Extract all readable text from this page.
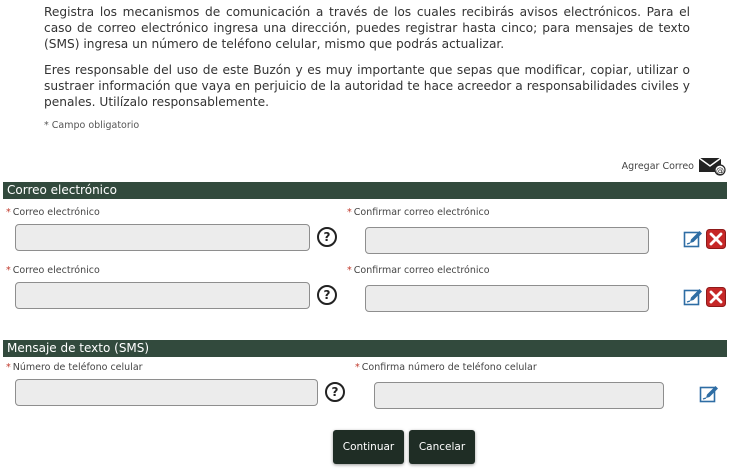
Registra los mecanismos de comunicación a través de los cuales recibirás avisos electrónicos. Para el caso de correo electrónico ingresa una dirección, puedes registrar hasta cinco; para mensajes de texto (SMS) ingresa un número de teléfono celular, mismo que podrás actualizar.

Eres responsable del uso de este Buzón y es muy importante que sepas que modificar, copiar, utilizar o sustraer información que vaya en perjuicio de la autoridad te hace acreedor a responsabilidades civiles y penales. Utilízalo responsablemente.

* Campo obligatorio
Agregar Correo	@
Correo electrónico
* Correo electrónico
?
* Confirmar correo electrónico
* Correo electrónico
?
* Confirmar correo electrónico
Mensaje de texto (SMS)
* Número de teléfono celular
?
* Confirma número de teléfono celular
Continuar	Cancelar
